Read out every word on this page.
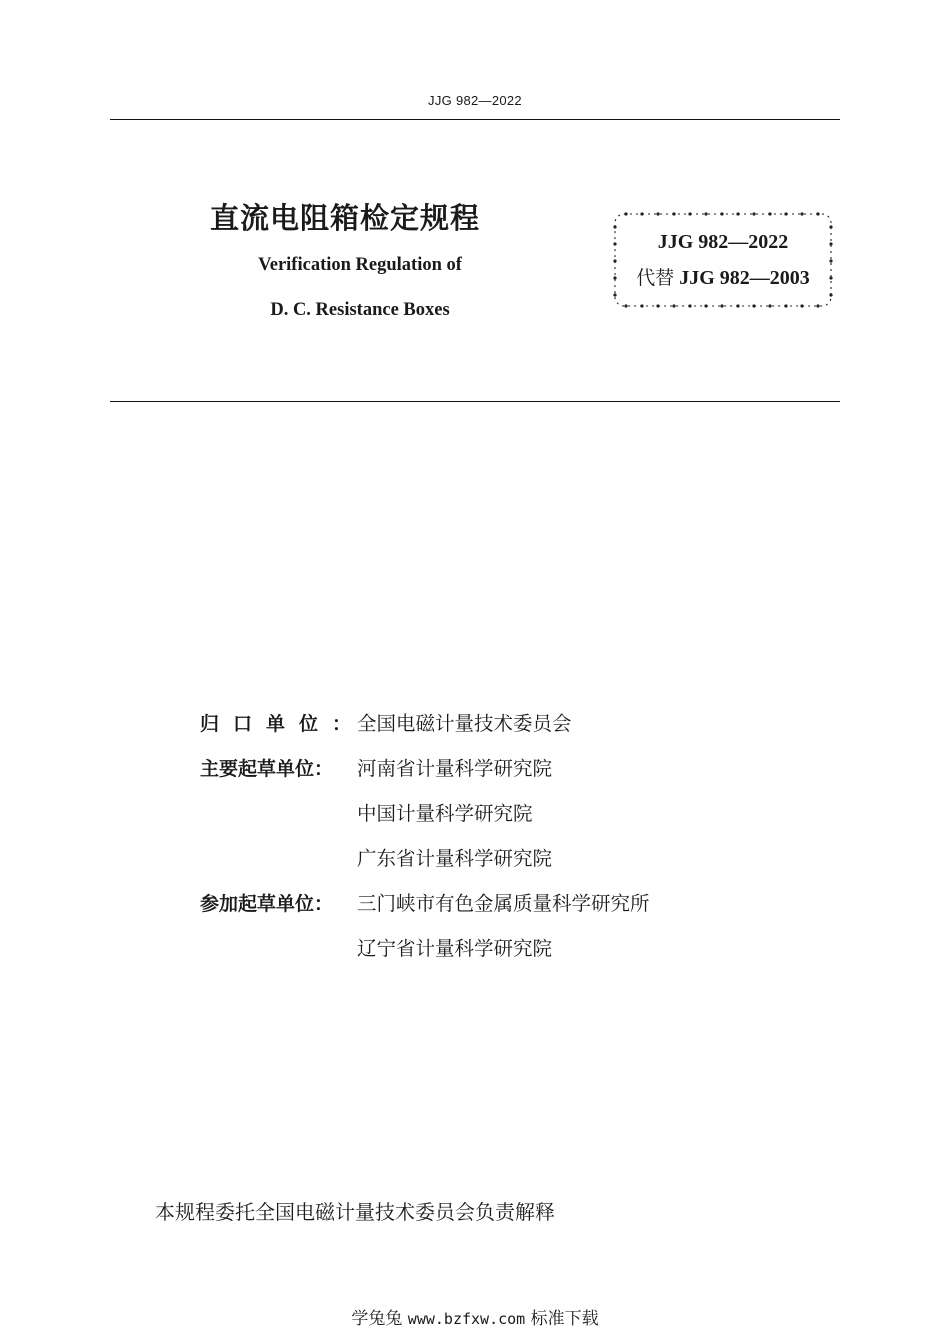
JJG 982—2022
直流电阻箱检定规程
Verification Regulation of
D. C. Resistance Boxes
JJG 982—2022
代替 JJG 982—2003
归口单位：
全国电磁计量技术委员会
主要起草单位：	河南省计量科学研究院
中国计量科学研究院
广东省计量科学研究院
参加起草单位：	三门峡市有色金属质量科学研究所
辽宁省计量科学研究院
本规程委托全国电磁计量技术委员会负责解释
学兔兔 www.bzfxw.com 标准下载
